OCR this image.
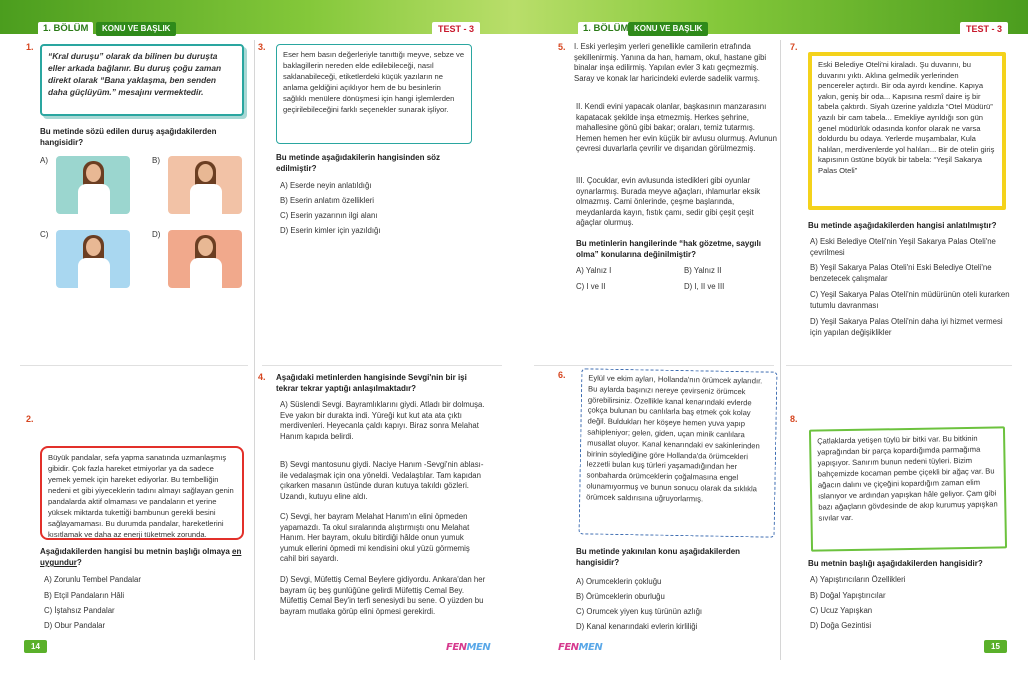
1. BÖLÜM	KONU VE BAŞLIK	TEST - 3
1.
“Kral duruşu” olarak da bilinen bu duruşta eller arkada bağlanır. Bu duruş çoğu zaman direkt olarak “Bana yaklaşma, ben senden daha güçlüyüm.” mesajını vermektedir.
Bu metinde sözü edilen duruş aşağıdakilerden hangisidir?
A)	B)
C)	D)
2.
Büyük pandalar, sefa yapma sanatında uzmanlaşmış gibidir. Çok fazla hareket etmiyorlar ya da sadece yemek yemek için hareket ediyorlar. Bu tembelliğin nedeni et gibi yiyeceklerin tadını almayı sağlayan genin pandalarda aktif olmaması ve pandaların et yerine yüksek miktarda tuketti̇ği bambunun gerekli besini sağlayamaması. Bu durumda pandalar, hareketlerini kısıtlamak ve daha az enerji tüketmek zorunda.
Aşağıdakilerden hangisi bu metnin başlığı olmaya en uygundur?
A) Zorunlu Tembel Pandalar
B) Etçil Pandaların Hâli
C) İştahsız Pandalar
D) Obur Pandalar
3.
Eser hem basın değerleriyle tanıttığı meyve, sebze ve baklagillerin nereden elde edilebileceği, nasıl saklanabileceği, etiketlerdeki küçük yazıların ne anlama geldiğini açıklıyor hem de bu besinlerin sağlıklı menülere dönüşmesi için hangi işlemlerden geçirilebileceğini farklı seçenekler sunarak işliyor.
Bu metinde aşağıdakilerin hangisinden söz edilmiştir?
A) Eserde neyin anlatıldığı
B) Eserin anlatım özellikleri
C) Eserin yazarının ilgi alanı
D) Eserin kimler için yazıldığı
4. Aşağıdaki metinlerden hangisinde Sevgi'nin bir işi tekrar tekrar yaptığı anlaşılmaktadır?
A) Süslendi Sevgi. Bayramlıklarını giydi. Atladı bir dolmuşa. Eve yakın bir durakta indi. Yüreği kut kut ata ata çıktı merdivenleri. Heyecanla çaldı kapıyı. Biraz sonra Melahat Hanım kapıda belirdi.
B) Sevgi mantosunu giydi. Naciye Hanım -Sevgi'nin ablası- ile vedalaşmak için ona yöneldi. Vedalaştılar. Tam kapıdan çıkarken masanın üstünde duran kutuya takıldı gözleri. Uzandı, kutuyu eline aldı.
C) Sevgi, her bayram Melahat Hanım'ın elini öpmeden yapamazdı. Ta okul sıralarında alıştırmıştı onu Melahat Hanım. Her bayram, okulu bitirdiği hâlde onun yumuk yumuk ellerini öpmedi mi kendisini okul yüzü görmemiş cahil biri sayardı.
D) Sevgi, Müfettiş Cemal Beylere gidiyordu. Ankara'dan her bayram üç beş gunlüğüne gelirdi Müfettiş Cemal Bey. Müfettiş Cemal Bey'in terfi senesiydi bu sene. O yüzden bu bayram mutlaka görüp elini öpmesi gerekirdi.
14	FENMEN
1. BÖLÜM KONU VE BAŞLIK	TEST - 3
5. I. Eski yerleşim yerleri genellikle camilerin etrafında şekillenirmiş. Yanına da han, hamam, okul, hastane gibi binalar inşa edilirmiş. Yapılan evler 3 katı geçmezmiş. Saray ve konak lar haricindeki evlerde sadelik varmış.
II. Kendi evini yapacak olanlar, başkasının manzarasını kapatacak şekilde inşa etmezmiş. Herkes şehrine, mahallesine gönü gibi bakar; oraları, temiz tutarmış. Hemen hemen her evin küçük bir avlusu olurmuş. Avlunun çevresi duvarlarla çevrilir ve dışarıdan görülmezmiş.
III. Çocuklar, evin avlusunda istedikleri gibi oyunlar oynarlarmış. Burada meyve ağaçları, ıhlamurlar eksik olmazmış. Cami önlerinde, çeşme başlarında, meydanlarda kayın, fıstık çamı, sedir gibi çeşit çeşit ağaçlar olurmuş.
Bu metinlerin hangilerinde “hak gözetme, saygılı olma” konularına değinilmiştir?
A) Yalnız I	B) Yalnız II
C) I ve II	D) I, II ve III
6.	Eylül ve ekim ayları, Hollanda'nın örümcek aylarıdır. Bu aylarda başınızı nereye çevirseniz örümcek görebilirsiniz. Özellikle kanal kenarındaki evlerde çokça bulunan bu canlılarla baş etmek çok kolay değil. Buldukları her köşeye hemen yuva yapıp sahipleniyor; gelen, giden, uçan minik canlılara musallat oluyor. Kanal kenarındaki ev sakinlerinden birinin söylediğine göre Hollanda'da örümcekleri lezzetli bulan kuş türleri yaşamadığından her sonbaharda örümceklerin çoğalmasına engel olunamıyormuş ve bunun sonucu olarak da sıklıkla örümcek saldırısına uğruyorlarmış.
Bu metinde yakınılan konu aşağıdakilerden hangisidir?
A) Orumceklerin çokluğu
B) Örümceklerin oburluğu
C) Orumcek yiyen kuş türünün azlığı
D) Kanal kenarındaki evlerin kirliliği
7.
Eski Belediye Oteli'ni kiraladı. Şu duvarını, bu duvarını yıktı. Aklına gelmedik yerlerinden pencereler açtırdı. Bir oda ayırdı kendine. Kapıya yakın, geniş bir oda... Kapısına resmî daire iş bir tabela çaktırdı. Siyah üzerine yaldızla “Otel Müdürü” yazılı bir cam tabela... Emekliye ayrıldığı son gün genel müdürlük odasında konfor olarak ne varsa doldurdu bu odaya. Yerlerde muşambalar, Kula halıları, merdivenlerde yol halıları... Bir de otelin giriş kapısının üstüne büyük bir tabela: “Yeşil Sakarya Palas Oteli”
Bu metinde aşağıdakilerden hangisi anlatılmıştır?
A) Eski Belediye Oteli'nin Yeşil Sakarya Palas Oteli'ne çevrilmesi
B) Yeşil Sakarya Palas Oteli'ni Eski Belediye Oteli'ne benzetecek çalışmalar
C) Yeşil Sakarya Palas Oteli'nin müdürünün oteli kurarken tutumlu davranması
D) Yeşil Sakarya Palas Oteli'nin daha iyi hizmet vermesi için yapılan değişiklikler
8.
Çatlaklarda yetişen tüylü bir bitki var. Bu bitkinin yaprağından bir parça kopardığımda parmağıma yapışıyor. Sanırım bunun nedeni tüyleri. Bizim bahçemizde kocaman pembe çiçekli bir ağaç var. Bu ağacın dalını ve çiçeğini kopardığım zaman elim ıslanıyor ve ardından yapışkan hâle geliyor. Çam gibi bazı ağaçların gövdesinde de akıp kurumuş yapışkan sıvılar var.
Bu metnin başlığı aşağıdakilerden hangisidir?
A) Yapıştırıcıların Özellikleri
B) Doğal Yapıştırıcılar
C) Ucuz Yapışkan
D) Doğa Gezintisi
15
FENMEN
